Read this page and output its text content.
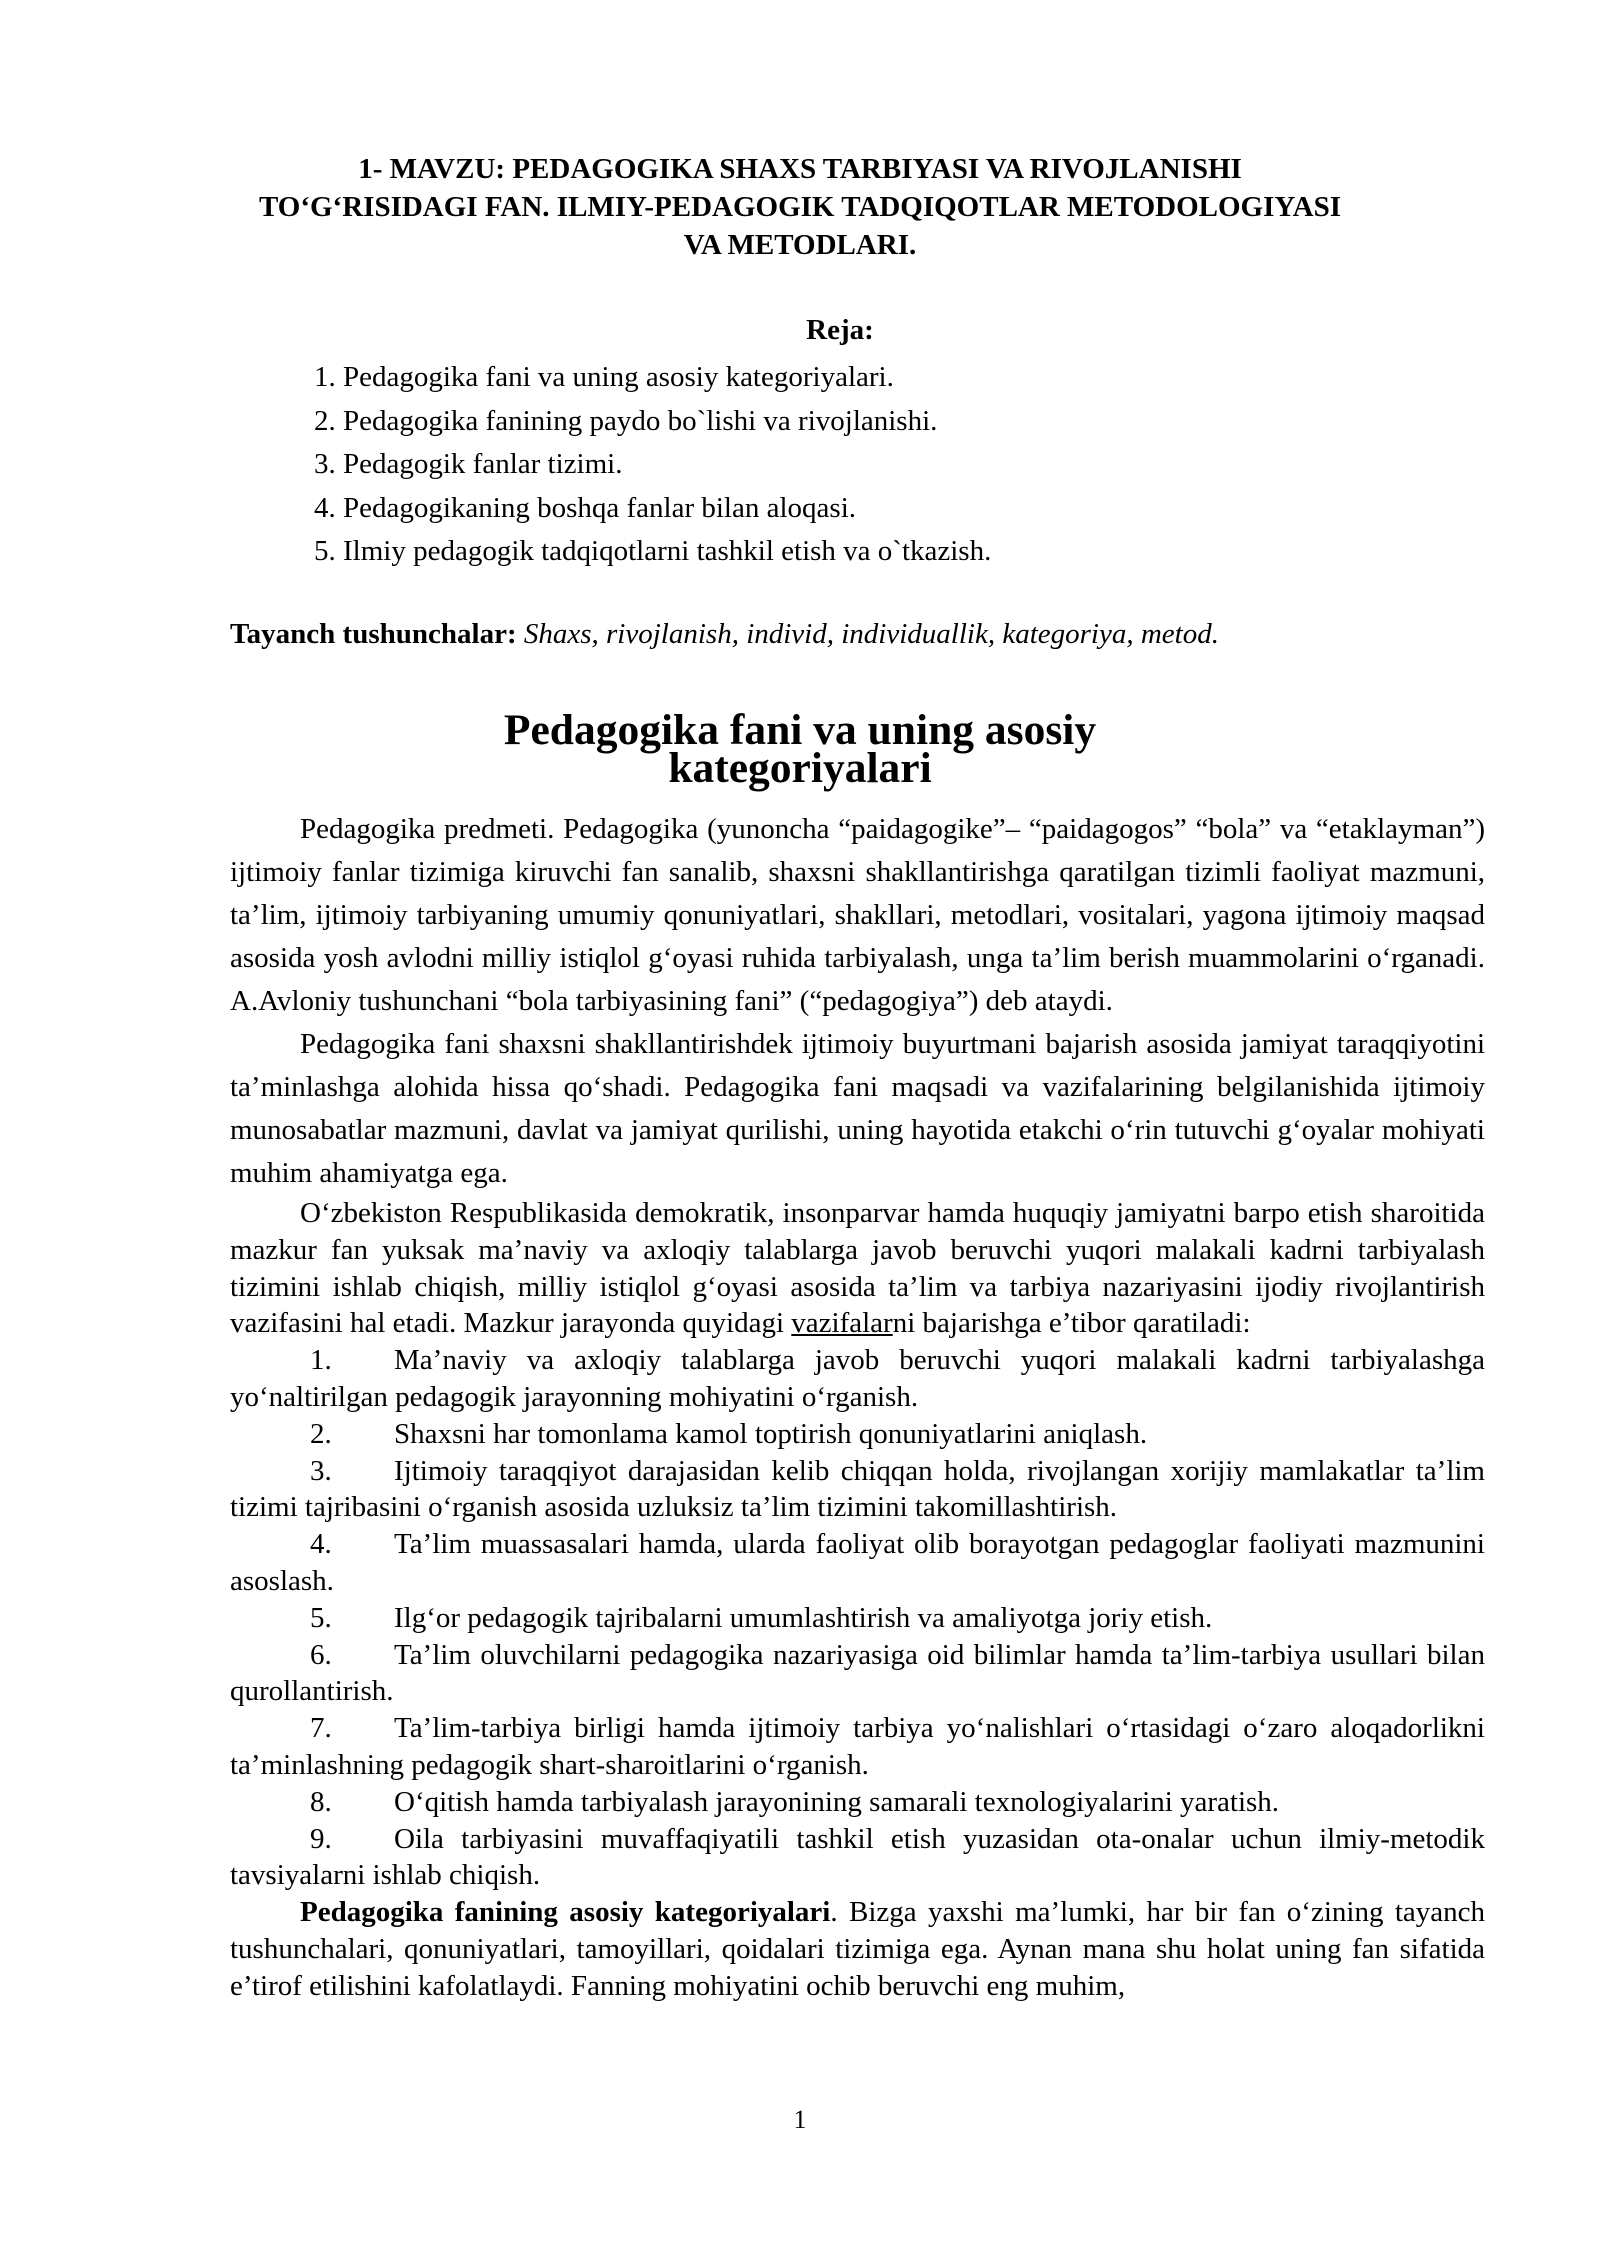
1- MAVZU: PEDAGOGIKA SHAXS TARBIYASI VA RIVOJLANISHI
TO‘G‘RISIDAGI FAN. ILMIY-PEDAGOGIK TADQIQOTLAR METODOLOGIYASI
VA METODLARI.
Reja:
1. Pedagogika fani va uning asosiy kategoriyalari.
2. Pedagogika fanining paydo bo`lishi va rivojlanishi.
3. Pedagogik fanlar tizimi.
4. Pedagogikaning boshqa fanlar bilan aloqasi.
5. Ilmiy pedagogik tadqiqotlarni tashkil etish va o`tkazish.

Tayanch tushunchalar: Shaxs, rivojlanish, individ, individuallik, kategoriya, metod.

Pedagogika fani va uning asosiy kategoriyalari

Pedagogika predmeti. Pedagogika (yunoncha “paidagogike”– “paidagogos” “bola” va “etaklayman”) ijtimoiy fanlar tizimiga kiruvchi fan sanalib, shaxsni shakllantirishga qaratilgan tizimli faoliyat mazmuni, ta’lim, ijtimoiy tarbiyaning umumiy qonuniyatlari, shakllari, metodlari, vositalari, yagona ijtimoiy maqsad asosida yosh avlodni milliy istiqlol g‘oyasi ruhida tarbiyalash, unga ta’lim berish muammolarini o‘rganadi. A.Avloniy tushunchani “bola tarbiyasining fani” (“pedagogiya”) deb ataydi.

Pedagogika fani shaxsni shakllantirishdek ijtimoiy buyurtmani bajarish asosida jamiyat taraqqiyotini ta’minlashga alohida hissa qo‘shadi. Pedagogika fani maqsadi va vazifalarining belgilanishida ijtimoiy munosabatlar mazmuni, davlat va jamiyat qurilishi, uning hayotida etakchi o‘rin tutuvchi g‘oyalar mohiyati muhim ahamiyatga ega.

O‘zbekiston Respublikasida demokratik, insonparvar hamda huquqiy jamiyatni barpo etish sharoitida mazkur fan yuksak ma’naviy va axloqiy talablarga javob beruvchi yuqori malakali kadrni tarbiyalash tizimini ishlab chiqish, milliy istiqlol g‘oyasi asosida ta’lim va tarbiya nazariyasini ijodiy rivojlantirish vazifasini hal etadi. Mazkur jarayonda quyidagi vazifalarni bajarishga e’tibor qaratiladi:

1. Ma’naviy va axloqiy talablarga javob beruvchi yuqori malakali kadrni tarbiyalashga yo‘naltirilgan pedagogik jarayonning mohiyatini o‘rganish.
2. Shaxsni har tomonlama kamol toptirish qonuniyatlarini aniqlash.
3. Ijtimoiy taraqqiyot darajasidan kelib chiqqan holda, rivojlangan xorijiy mamlakatlar ta’lim tizimi tajribasini o‘rganish asosida uzluksiz ta’lim tizimini takomillashtirish.
4. Ta’lim muassasalari hamda, ularda faoliyat olib borayotgan pedagoglar faoliyati mazmunini asoslash.
5. Ilg‘or pedagogik tajribalarni umumlashtirish va amaliyotga joriy etish.
6. Ta’lim oluvchilarni pedagogika nazariyasiga oid bilimlar hamda ta’lim-tarbiya usullari bilan qurollantirish.
7. Ta’lim-tarbiya birligi hamda ijtimoiy tarbiya yo‘nalishlari o‘rtasidagi o‘zaro aloqadorlikni ta’minlashning pedagogik shart-sharoitlarini o‘rganish.
8. O‘qitish hamda tarbiyalash jarayonining samarali texnologiyalarini yaratish.
9. Oila tarbiyasini muvaffaqiyatili tashkil etish yuzasidan ota-onalar uchun ilmiy-metodik tavsiyalarni ishlab chiqish.

Pedagogika fanining asosiy kategoriyalari. Bizga yaxshi ma’lumki, har bir fan o‘zining tayanch tushunchalari, qonuniyatlari, tamoyillari, qoidalari tizimiga ega. Aynan mana shu holat uning fan sifatida e’tirof etilishini kafolatlaydi. Fanning mohiyatini ochib beruvchi eng muhim,

1
